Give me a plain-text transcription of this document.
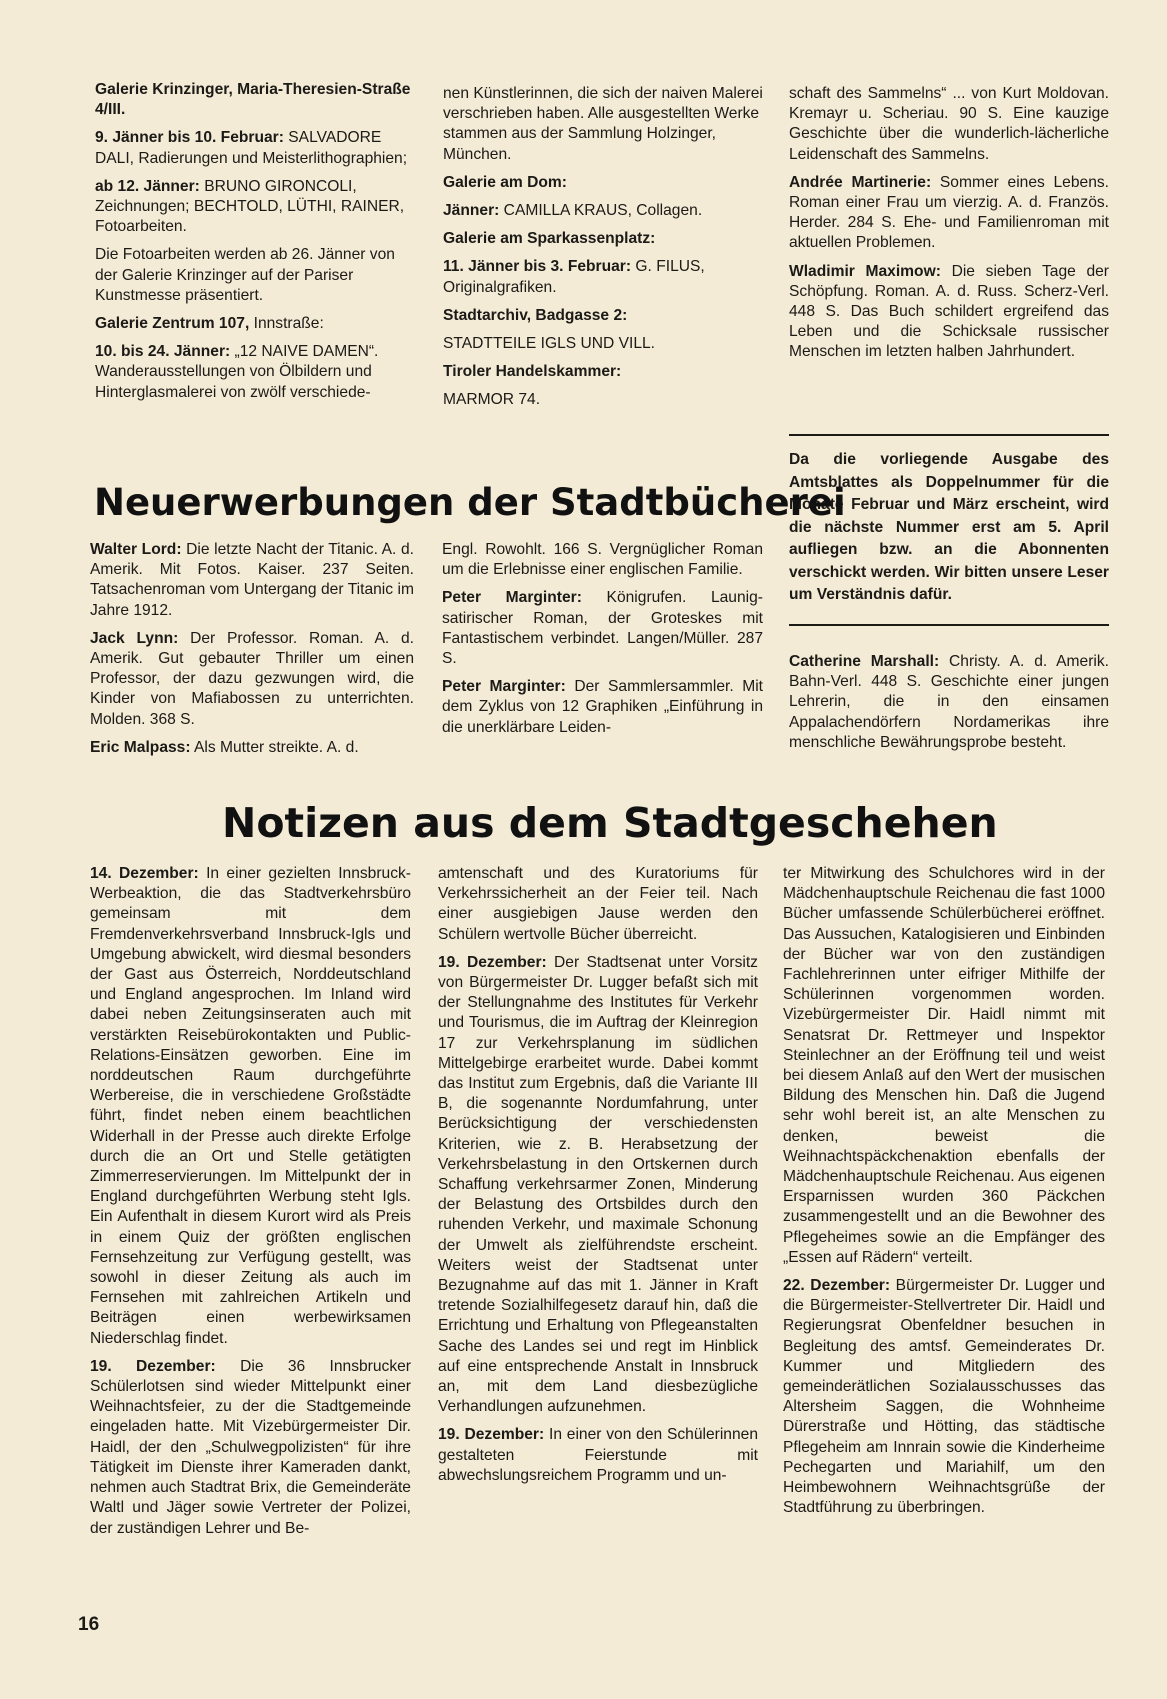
Galerie Krinzinger, Maria-Theresien-Straße 4/III.

9. Jänner bis 10. Februar: SALVADORE DALI, Radierungen und Meisterlithographien;

ab 12. Jänner: BRUNO GIRONCOLI, Zeichnungen; BECHTOLD, LÜTHI, RAINER, Fotoarbeiten.

Die Fotoarbeiten werden ab 26. Jänner von der Galerie Krinzinger auf der Pariser Kunstmesse präsentiert.

Galerie Zentrum 107, Innstraße:

10. bis 24. Jänner: „12 NAIVE DAMEN“. Wanderausstellungen von Ölbildern und Hinterglasmalerei von zwölf verschiede-

nen Künstlerinnen, die sich der naiven Malerei verschrieben haben. Alle ausgestellten Werke stammen aus der Sammlung Holzinger, München.

Galerie am Dom:

Jänner: CAMILLA KRAUS, Collagen.

Galerie am Sparkassenplatz:

11. Jänner bis 3. Februar: G. FILUS, Originalgrafiken.

Stadtarchiv, Badgasse 2:

STADTTEILE IGLS UND VILL.

Tiroler Handelskammer:

MARMOR 74.

schaft des Sammelns“ ... von Kurt Moldovan. Kremayr u. Scheriau. 90 S. Eine kauzige Geschichte über die wunderlich-lächerliche Leidenschaft des Sammelns.

Andrée Martinerie: Sommer eines Lebens. Roman einer Frau um vierzig. A. d. Französ. Herder. 284 S. Ehe- und Familienroman mit aktuellen Problemen.

Wladimir Maximow: Die sieben Tage der Schöpfung. Roman. A. d. Russ. Scherz-Verl. 448 S. Das Buch schildert ergreifend das Leben und die Schicksale russischer Menschen im letzten halben Jahrhundert.

Da die vorliegende Ausgabe des Amtsblattes als Doppelnummer für die Monate Februar und März erscheint, wird die nächste Nummer erst am 5. April aufliegen bzw. an die Abonnenten verschickt werden. Wir bitten unsere Leser um Verständnis dafür.

Catherine Marshall: Christy. A. d. Amerik. Bahn-Verl. 448 S. Geschichte einer jungen Lehrerin, die in den einsamen Appalachendörfern Nordamerikas ihre menschliche Bewährungsprobe besteht.

Neuerwerbungen der Stadtbücherei

Walter Lord: Die letzte Nacht der Titanic. A. d. Amerik. Mit Fotos. Kaiser. 237 Seiten. Tatsachenroman vom Untergang der Titanic im Jahre 1912.

Jack Lynn: Der Professor. Roman. A. d. Amerik. Gut gebauter Thriller um einen Professor, der dazu gezwungen wird, die Kinder von Mafiabossen zu unterrichten. Molden. 368 S.

Eric Malpass: Als Mutter streikte. A. d.

Engl. Rowohlt. 166 S. Vergnüglicher Roman um die Erlebnisse einer englischen Familie.

Peter Marginter: Königrufen. Launig-satirischer Roman, der Groteskes mit Fantastischem verbindet. Langen/Müller. 287 S.

Peter Marginter: Der Sammlersammler. Mit dem Zyklus von 12 Graphiken „Einführung in die unerklärbare Leiden-

Notizen aus dem Stadtgeschehen

14. Dezember: In einer gezielten Innsbruck-Werbeaktion, die das Stadtverkehrsbüro gemeinsam mit dem Fremdenverkehrsverband Innsbruck-Igls und Umgebung abwickelt, wird diesmal besonders der Gast aus Österreich, Norddeutschland und England angesprochen. Im Inland wird dabei neben Zeitungsinseraten auch mit verstärkten Reisebürokontakten und Public-Relations-Einsätzen geworben. Eine im norddeutschen Raum durchgeführte Werbereise, die in verschiedene Großstädte führt, findet neben einem beachtlichen Widerhall in der Presse auch direkte Erfolge durch die an Ort und Stelle getätigten Zimmerreservierungen. Im Mittelpunkt der in England durchgeführten Werbung steht Igls. Ein Aufenthalt in diesem Kurort wird als Preis in einem Quiz der größten englischen Fernsehzeitung zur Verfügung gestellt, was sowohl in dieser Zeitung als auch im Fernsehen mit zahlreichen Artikeln und Beiträgen einen werbewirksamen Niederschlag findet.

19. Dezember: Die 36 Innsbrucker Schülerlotsen sind wieder Mittelpunkt einer Weihnachtsfeier, zu der die Stadtgemeinde eingeladen hatte. Mit Vizebürgermeister Dir. Haidl, der den „Schulwegpolizisten“ für ihre Tätigkeit im Dienste ihrer Kameraden dankt, nehmen auch Stadtrat Brix, die Gemeinderäte Waltl und Jäger sowie Vertreter der Polizei, der zuständigen Lehrer und Be-

amtenschaft und des Kuratoriums für Verkehrssicherheit an der Feier teil. Nach einer ausgiebigen Jause werden den Schülern wertvolle Bücher überreicht.

19. Dezember: Der Stadtsenat unter Vorsitz von Bürgermeister Dr. Lugger befaßt sich mit der Stellungnahme des Institutes für Verkehr und Tourismus, die im Auftrag der Kleinregion 17 zur Verkehrsplanung im südlichen Mittelgebirge erarbeitet wurde. Dabei kommt das Institut zum Ergebnis, daß die Variante III B, die sogenannte Nordumfahrung, unter Berücksichtigung der verschiedensten Kriterien, wie z. B. Herabsetzung der Verkehrsbelastung in den Ortskernen durch Schaffung verkehrsarmer Zonen, Minderung der Belastung des Ortsbildes durch den ruhenden Verkehr, und maximale Schonung der Umwelt als zielführendste erscheint. Weiters weist der Stadtsenat unter Bezugnahme auf das mit 1. Jänner in Kraft tretende Sozialhilfegesetz darauf hin, daß die Errichtung und Erhaltung von Pflegeanstalten Sache des Landes sei und regt im Hinblick auf eine entsprechende Anstalt in Innsbruck an, mit dem Land diesbezügliche Verhandlungen aufzunehmen.

19. Dezember: In einer von den Schülerinnen gestalteten Feierstunde mit abwechslungsreichem Programm und un-

ter Mitwirkung des Schulchores wird in der Mädchenhauptschule Reichenau die fast 1000 Bücher umfassende Schülerbücherei eröffnet. Das Aussuchen, Katalogisieren und Einbinden der Bücher war von den zuständigen Fachlehrerinnen unter eifriger Mithilfe der Schülerinnen vorgenommen worden. Vizebürgermeister Dir. Haidl nimmt mit Senatsrat Dr. Rettmeyer und Inspektor Steinlechner an der Eröffnung teil und weist bei diesem Anlaß auf den Wert der musischen Bildung des Menschen hin. Daß die Jugend sehr wohl bereit ist, an alte Menschen zu denken, beweist die Weihnachtspäckchenaktion ebenfalls der Mädchenhauptschule Reichenau. Aus eigenen Ersparnissen wurden 360 Päckchen zusammengestellt und an die Bewohner des Pflegeheimes sowie an die Empfänger des „Essen auf Rädern“ verteilt.

22. Dezember: Bürgermeister Dr. Lugger und die Bürgermeister-Stellvertreter Dir. Haidl und Regierungsrat Obenfeldner besuchen in Begleitung des amtsf. Gemeinderates Dr. Kummer und Mitgliedern des gemeinderätlichen Sozialausschusses das Altersheim Saggen, die Wohnheime Dürerstraße und Hötting, das städtische Pflegeheim am Innrain sowie die Kinderheime Pechegarten und Mariahilf, um den Heimbewohnern Weihnachtsgrüße der Stadtführung zu überbringen.

16
